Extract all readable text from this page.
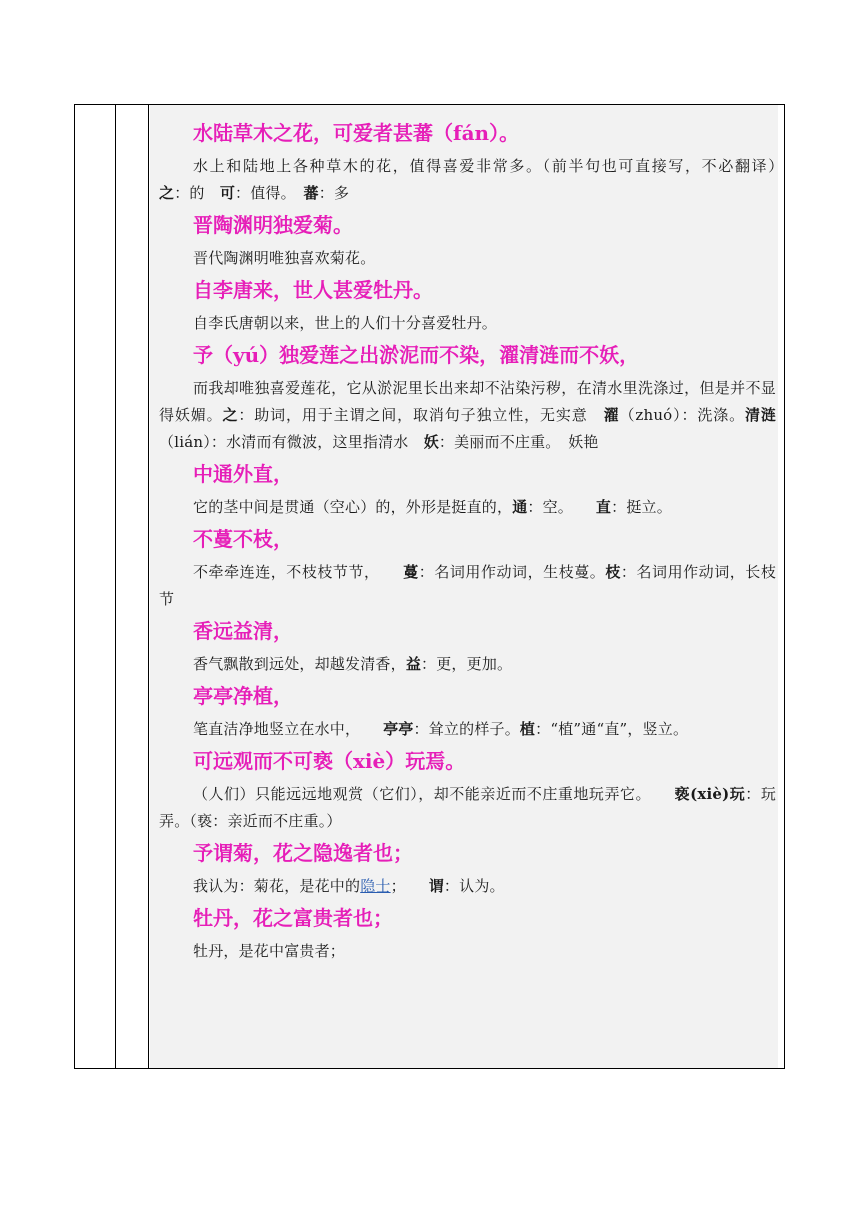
水陆草木之花，可爱者甚蕃（fán）。

水上和陆地上各种草木的花，值得喜爱非常多。（前半句也可直接写，不必翻译）　　之：的　 可：值得。　 蕃：多

晋陶渊明独爱菊。

晋代陶渊明唯独喜欢菊花。

自李唐来，世人甚爱牡丹。

自李氏唐朝以来，世上的人们十分喜爱牡丹。

予（yú）独爱莲之出淤泥而不染，濯清涟而不妖，

而我却唯独喜爱莲花，它从淤泥里长出来却不沾染污秽，在清水里洗涤过，但是并不显得妖媚。之：助词，用于主谓之间，取消句子独立性，无实意　 濯（zhuó）：洗涤。清涟（lián）：水清而有微波，这里指清水　 妖：美丽而不庄重。　妖艳

中通外直，

它的茎中间是贯通（空心）的，外形是挺直的，通：空。　　 直：挺立。

不蔓不枝，

不牵牵连连，不枝枝节节，　　 蔓：名词用作动词，生枝蔓。枝：名词用作动词，长枝节

香远益清，

香气飘散到远处，却越发清香，益：更，更加。

亭亭净植，

笔直洁净地竖立在水中，　　 亭亭：耸立的样子。植：“植”通“直”，竖立。

可远观而不可亵（xiè）玩焉。

（人们）只能远远地观赏（它们），却不能亲近而不庄重地玩弄它。　　 亵(xiè)玩：玩弄。（亵：亲近而不庄重。）

予谓菊，花之隐逸者也；

我认为：菊花，是花中的隐士；　　 谓：认为。

牡丹，花之富贵者也；

牡丹，是花中富贵者；
